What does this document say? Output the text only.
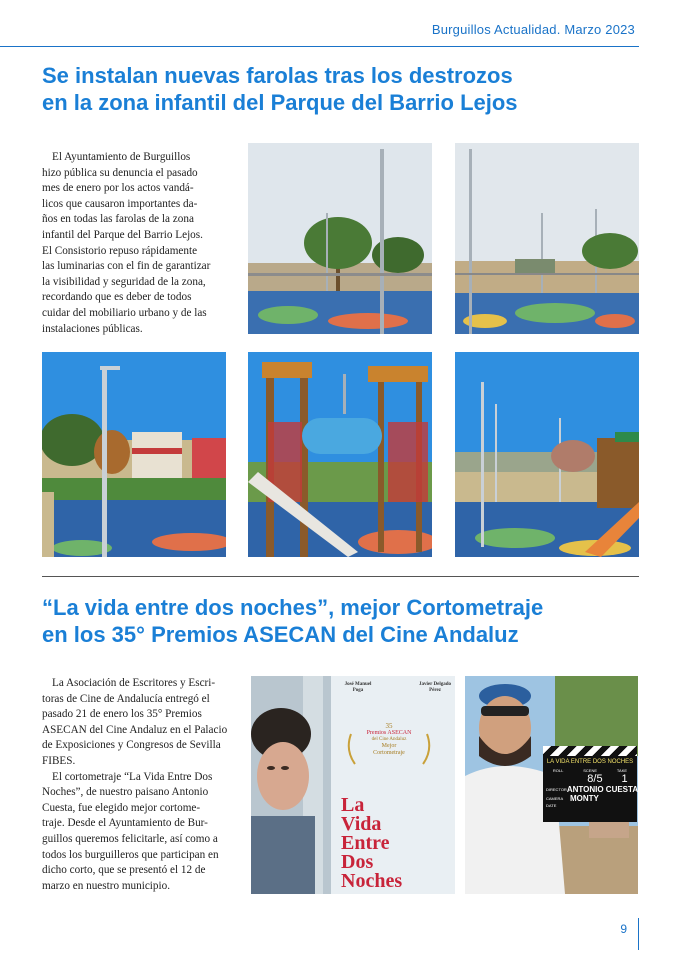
Burguillos Actualidad. Marzo 2023
Se instalan nuevas farolas tras los destrozos
en la zona infantil del Parque del Barrio Lejos
El Ayuntamiento de Burguillos
hizo pública su denuncia el pasado
mes de enero por los actos vandá-
licos que causaron importantes da-
ños en todas las farolas de la zona
infantil del Parque del Barrio Lejos.
El Consistorio repuso rápidamente
las luminarias con el fin de garantizar
la visibilidad y seguridad de la zona,
recordando que es deber de todos
cuidar del mobiliario urbano y de las
instalaciones públicas.
“La vida entre dos noches”, mejor Cortometraje
en los 35° Premios ASECAN del Cine Andaluz
La Asociación de Escritores y Escri-
toras de Cine de Andalucía entregó el
pasado 21 de enero los 35° Premios
ASECAN del Cine Andaluz en el Palacio
de Exposiciones y Congresos de Sevilla
FIBES.
El cortometraje “La Vida Entre Dos
Noches”, de nuestro paisano Antonio
Cuesta, fue elegido mejor cortome-
traje. Desde el Ayuntamiento de Bur-
guillos queremos felicitarle, así como a
todos los burguilleros que participan en
dicho corto, que se presentó el 12 de
marzo en nuestro municipio.
José Manuel Poga
Javier Delgado Pérez
35
Premios ASECAN
del Cine Andaluz
Mejor
Cortometraje
La
Vida
Entre
Dos
Noches
LA VIDA ENTRE DOS NOCHES
ROLL	SCENE	TAKE
8/5 1
DIRECTOR ANTONIO CUESTA
CAMERA MONTY
DATE
9
